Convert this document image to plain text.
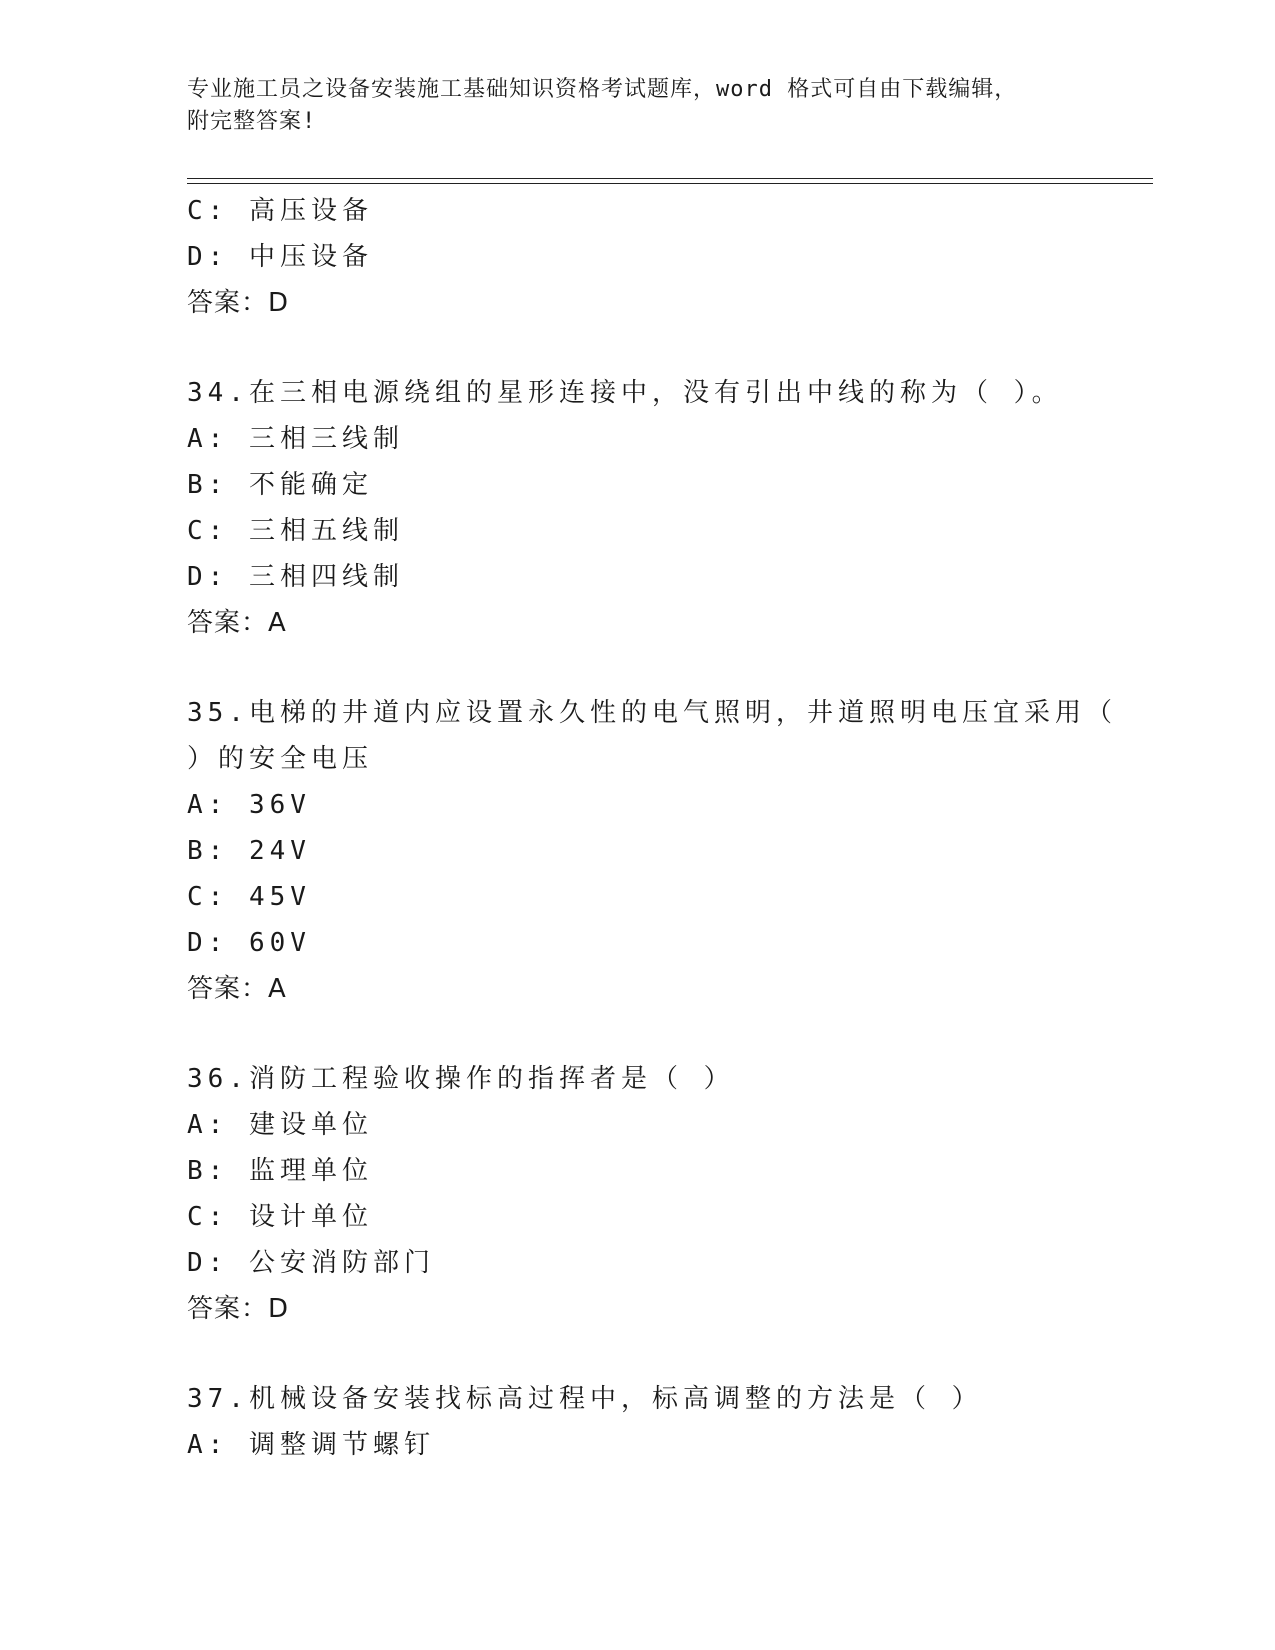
专业施工员之设备安装施工基础知识资格考试题库，word 格式可自由下载编辑，
附完整答案!
C: 高压设备
D: 中压设备
答案：D
34.在三相电源绕组的星形连接中，没有引出中线的称为（ ）。
A: 三相三线制
B: 不能确定
C: 三相五线制
D: 三相四线制
答案：A
35.电梯的井道内应设置永久性的电气照明，井道照明电压宜采用（
）的安全电压
A: 36V
B: 24V
C: 45V
D: 60V
答案：A
36.消防工程验收操作的指挥者是（ ）
A: 建设单位
B: 监理单位
C: 设计单位
D: 公安消防部门
答案：D
37.机械设备安装找标高过程中，标高调整的方法是（ ）
A: 调整调节螺钉
